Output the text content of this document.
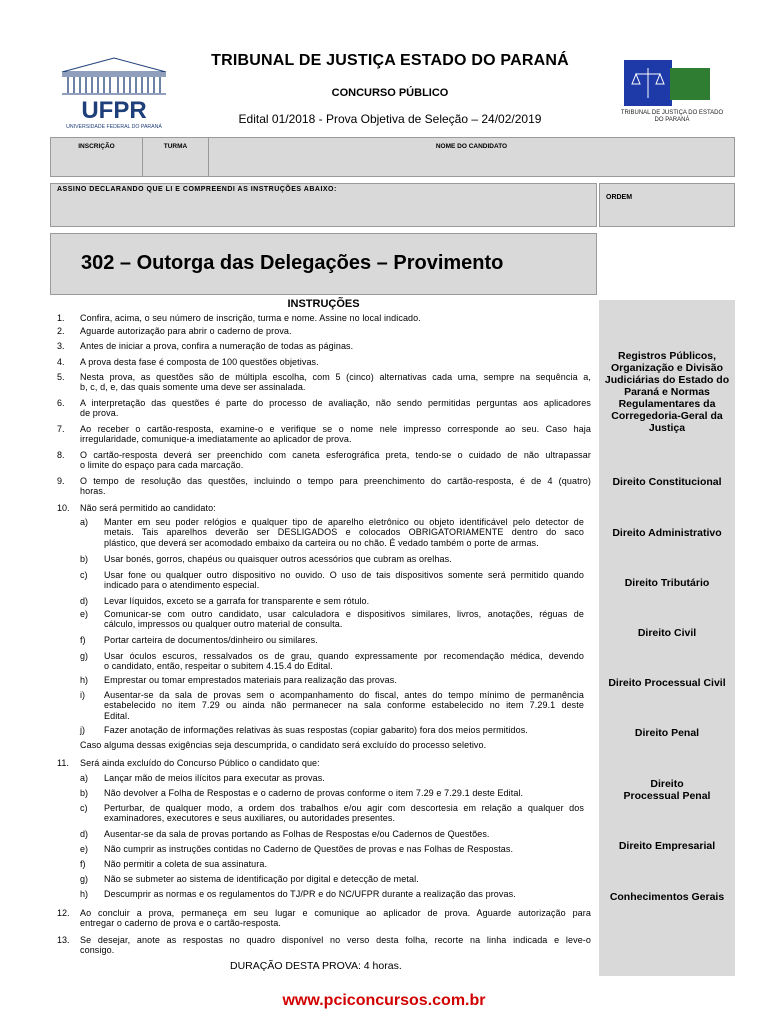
UFPR
UNIVERSIDADE FEDERAL DO PARANÁ
TRIBUNAL DE JUSTIÇA ESTADO DO PARANÁ
CONCURSO PÚBLICO
Edital 01/2018 - Prova Objetiva de Seleção – 24/02/2019	TRIBUNAL DE JUSTIÇA DO ESTADO DO PARANÁ
INSCRIÇÃO	TURMA	NOME DO CANDIDATO
ASSINO DECLARANDO QUE LI E COMPREENDI AS INSTRUÇÕES ABAIXO:
ORDEM
302 – Outorga das Delegações – Provimento
Registros Públicos, Organização e Divisão Judiciárias do Estado do Paraná e Normas Regulamentares da Corregedoria-Geral da Justiça
Direito Constitucional
Direito Administrativo
Direito Tributário
Direito Civil
Direito Processual Civil
Direito Penal
Direito Processual Penal
Direito Empresarial
Conhecimentos Gerais
INSTRUÇÕES
1. Confira, acima, o seu número de inscrição, turma e nome. Assine no local indicado.
2. Aguarde autorização para abrir o caderno de prova.
3. Antes de iniciar a prova, confira a numeração de todas as páginas.
4. A prova desta fase é composta de 100 questões objetivas.
5. Nesta prova, as questões são de múltipla escolha, com 5 (cinco) alternativas cada uma, sempre na sequência a,
b, c, d, e, das quais somente uma deve ser assinalada.
6. A interpretação das questões é parte do processo de avaliação, não sendo permitidas perguntas aos aplicadores
de prova.
7. Ao receber o cartão-resposta, examine-o e verifique se o nome nele impresso corresponde ao seu. Caso haja
irregularidade, comunique-a imediatamente ao aplicador de prova.
8. O cartão-resposta deverá ser preenchido com caneta esferográfica preta, tendo-se o cuidado de não ultrapassar
o limite do espaço para cada marcação.
9. O tempo de resolução das questões, incluindo o tempo para preenchimento do cartão-resposta, é de 4 (quatro)
horas.
10. Não será permitido ao candidato:
a) Manter em seu poder relógios e qualquer tipo de aparelho eletrônico ou objeto identificável pelo detector de
metais. Tais aparelhos deverão ser DESLIGADOS e colocados OBRIGATORIAMENTE dentro do saco
plástico, que deverá ser acomodado embaixo da carteira ou no chão. É vedado também o porte de armas.
b) Usar bonés, gorros, chapéus ou quaisquer outros acessórios que cubram as orelhas.
c) Usar fone ou qualquer outro dispositivo no ouvido. O uso de tais dispositivos somente será permitido quando
indicado para o atendimento especial.
d) Levar líquidos, exceto se a garrafa for transparente e sem rótulo.
e) Comunicar-se com outro candidato, usar calculadora e dispositivos similares, livros, anotações, réguas de
cálculo, impressos ou qualquer outro material de consulta.
f) Portar carteira de documentos/dinheiro ou similares.
g) Usar óculos escuros, ressalvados os de grau, quando expressamente por recomendação médica, devendo
o candidato, então, respeitar o subitem 4.15.4 do Edital.
h) Emprestar ou tomar emprestados materiais para realização das provas.
i) Ausentar-se da sala de provas sem o acompanhamento do fiscal, antes do tempo mínimo de permanência
estabelecido no item 7.29 ou ainda não permanecer na sala conforme estabelecido no item 7.29.1 deste
Edital.
j) Fazer anotação de informações relativas às suas respostas (copiar gabarito) fora dos meios permitidos.
Caso alguma dessas exigências seja descumprida, o candidato será excluído do processo seletivo.
11. Será ainda excluído do Concurso Público o candidato que:
a) Lançar mão de meios ilícitos para executar as provas.
b) Não devolver a Folha de Respostas e o caderno de provas conforme o item 7.29 e 7.29.1 deste Edital.
c) Perturbar, de qualquer modo, a ordem dos trabalhos e/ou agir com descortesia em relação a qualquer dos
examinadores, executores e seus auxiliares, ou autoridades presentes.
d) Ausentar-se da sala de provas portando as Folhas de Respostas e/ou Cadernos de Questões.
e) Não cumprir as instruções contidas no Caderno de Questões de provas e nas Folhas de Respostas.
f) Não permitir a coleta de sua assinatura.
g) Não se submeter ao sistema de identificação por digital e detecção de metal.
h) Descumprir as normas e os regulamentos do TJ/PR e do NC/UFPR durante a realização das provas.
12. Ao concluir a prova, permaneça em seu lugar e comunique ao aplicador de prova. Aguarde autorização para
entregar o caderno de prova e o cartão-resposta.
13. Se desejar, anote as respostas no quadro disponível no verso desta folha, recorte na linha indicada e leve-o
consigo.
DURAÇÃO DESTA PROVA: 4 horas.
www.pciconcursos.com.br
